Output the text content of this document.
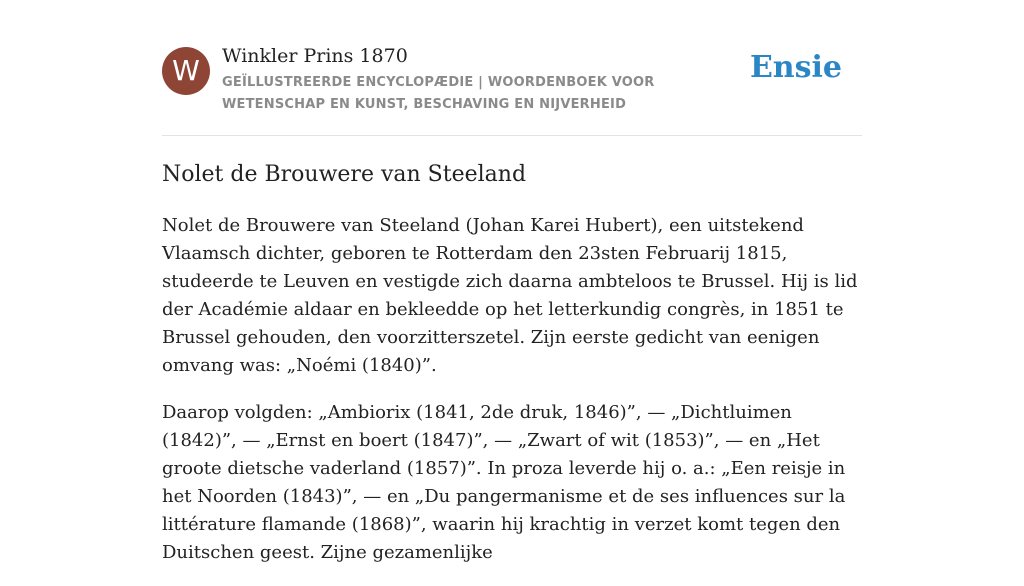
W	Winkler Prins 1870
GEÏLLUSTREERDE ENCYCLOPÆDIE | WOORDENBOEK VOOR WETENSCHAP EN KUNST, BESCHAVING EN NIJVERHEID
Ensie
Nolet de Brouwere van Steeland

Nolet de Brouwere van Steeland (Johan Karei Hubert), een uitstekend Vlaamsch dichter, geboren te Rotterdam den 23sten Februarij 1815, studeerde te Leuven en vestigde zich daarna ambteloos te Brussel. Hij is lid der Académie aldaar en bekleedde op het letterkundig congrès, in 1851 te Brussel gehouden, den voorzitterszetel. Zijn eerste gedicht van eenigen omvang was: „Noémi (1840)”.

Daarop volgden: „Ambiorix (1841, 2de druk, 1846)”, — „Dichtluimen (1842)”, — „Ernst en boert (1847)”, — „Zwart of wit (1853)”, — en „Het groote dietsche vaderland (1857)”. In proza leverde hij o. a.: „Een reisje in het Noorden (1843)”, — en „Du pangermanisme et de ses influences sur la littérature flamande (1868)”, waarin hij krachtig in verzet komt tegen den Duitschen geest. Zijne gezamenlijke
